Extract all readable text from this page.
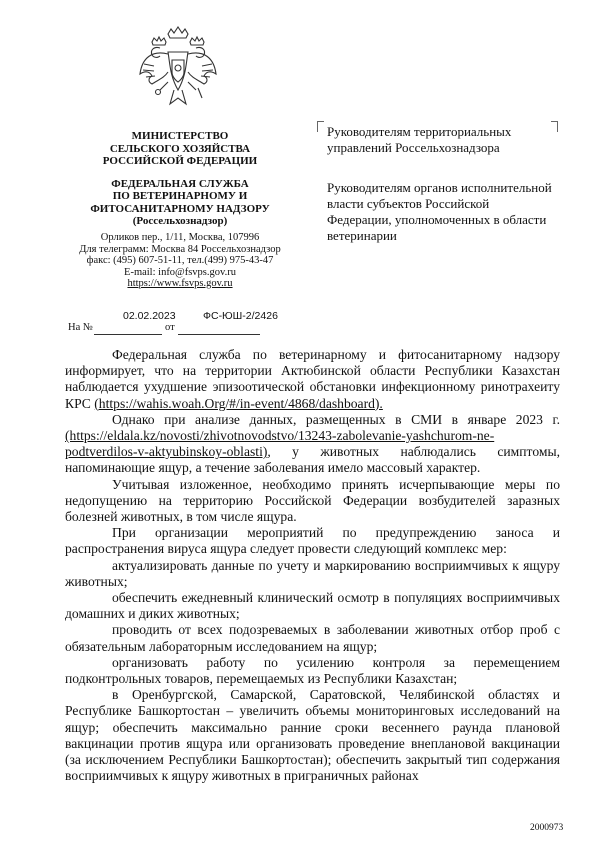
МИНИСТЕРСТВО
СЕЛЬСКОГО ХОЗЯЙСТВА
РОССИЙСКОЙ ФЕДЕРАЦИИ
ФЕДЕРАЛЬНАЯ СЛУЖБА
ПО ВЕТЕРИНАРНОМУ И
ФИТОСАНИТАРНОМУ НАДЗОРУ
(Россельхознадзор)
Орликов пер., 1/11, Москва, 107996
Для телеграмм: Москва 84 Россельхознадзор
факс: (495) 607-51-11, тел.(499) 975-43-47
E-mail: info@fsvps.gov.ru
https://www.fsvps.gov.ru
02.02.2023	ФС-ЮШ-2/2426
На №	от

Руководителям территориальных управлений Россельхознадзора

Руководителям органов исполнительной власти субъектов Российской Федерации, уполномоченных в области ветеринарии

Федеральная служба по ветеринарному и фитосанитарному надзору информирует, что на территории Актюбинской области Республики Казахстан наблюдается ухудшение эпизоотической обстановки инфекционному ринотрахеиту КРС (https://wahis.woah.Org/#/in-event/4868/dashboard).

Однако при анализе данных, размещенных в СМИ в январе 2023 г. (https://eldala.kz/novosti/zhivotnovodstvo/13243-zabolevanie-yashchurom-ne-podtverdilos-v-aktyubinskoy-oblasti), у животных наблюдались симптомы, напоминающие ящур, а течение заболевания имело массовый характер.

Учитывая изложенное, необходимо принять исчерпывающие меры по недопущению на территорию Российской Федерации возбудителей заразных болезней животных, в том числе ящура.

При организации мероприятий по предупреждению заноса и распространения вируса ящура следует провести следующий комплекс мер:

актуализировать данные по учету и маркированию восприимчивых к ящуру животных;

обеспечить ежедневный клинический осмотр в популяциях восприимчивых домашних и диких животных;

проводить от всех подозреваемых в заболевании животных отбор проб с обязательным лабораторным исследованием на ящур;

организовать работу по усилению контроля за перемещением подконтрольных товаров, перемещаемых из Республики Казахстан;

в Оренбургской, Самарской, Саратовской, Челябинской областях и Республике Башкортостан – увеличить объемы мониторинговых исследований на ящур; обеспечить максимально ранние сроки весеннего раунда плановой вакцинации против ящура или организовать проведение внеплановой вакцинации (за исключением Республики Башкортостан); обеспечить закрытый тип содержания восприимчивых к ящуру животных в приграничных районах

2000973
